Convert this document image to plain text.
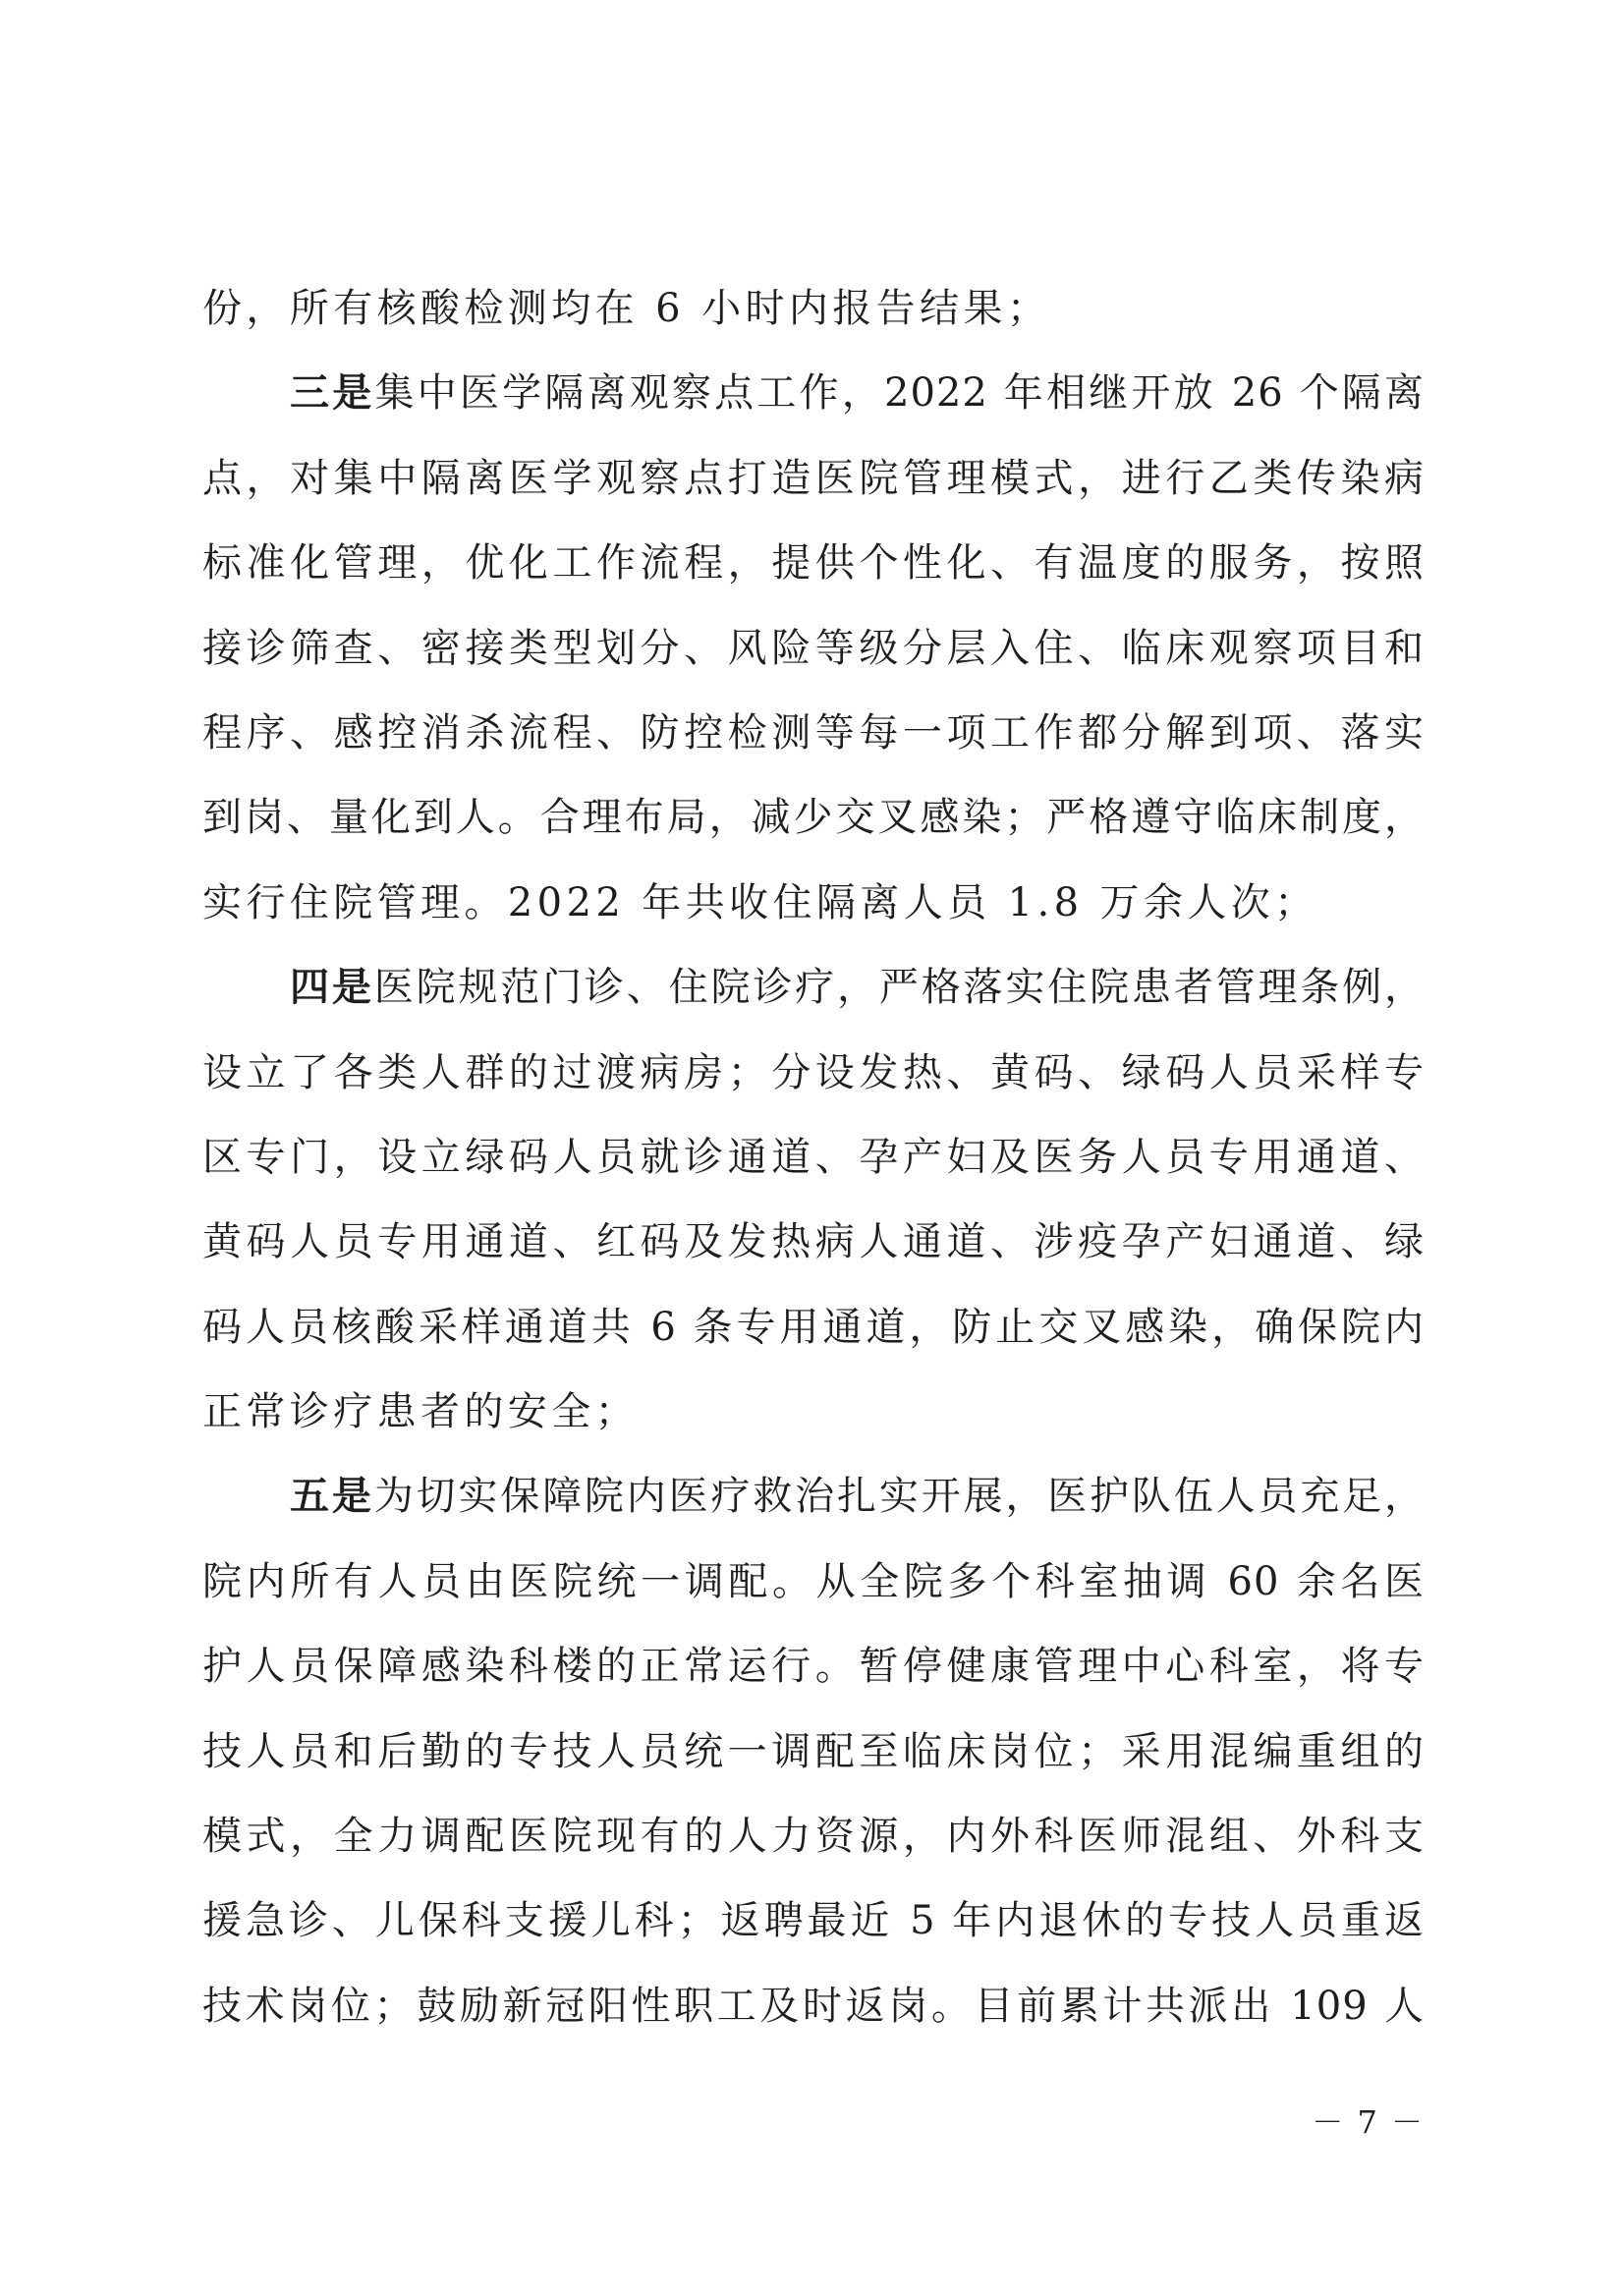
份，所有核酸检测均在 6 小时内报告结果；
三是集中医学隔离观察点工作，2022 年相继开放 26 个隔离
点，对集中隔离医学观察点打造医院管理模式，进行乙类传染病
标准化管理，优化工作流程，提供个性化、有温度的服务，按照
接诊筛查、密接类型划分、风险等级分层入住、临床观察项目和
程序、感控消杀流程、防控检测等每一项工作都分解到项、落实
到岗、量化到人。合理布局，减少交叉感染；严格遵守临床制度，
实行住院管理。2022 年共收住隔离人员 1.8 万余人次；
四是医院规范门诊、住院诊疗，严格落实住院患者管理条例，
设立了各类人群的过渡病房；分设发热、黄码、绿码人员采样专
区专门，设立绿码人员就诊通道、孕产妇及医务人员专用通道、
黄码人员专用通道、红码及发热病人通道、涉疫孕产妇通道、绿
码人员核酸采样通道共 6 条专用通道，防止交叉感染，确保院内
正常诊疗患者的安全；
五是为切实保障院内医疗救治扎实开展，医护队伍人员充足，
院内所有人员由医院统一调配。从全院多个科室抽调 60 余名医
护人员保障感染科楼的正常运行。暂停健康管理中心科室，将专
技人员和后勤的专技人员统一调配至临床岗位；采用混编重组的
模式，全力调配医院现有的人力资源，内外科医师混组、外科支
援急诊、儿保科支援儿科；返聘最近 5 年内退休的专技人员重返
技术岗位；鼓励新冠阳性职工及时返岗。目前累计共派出 109 人
－ 7 －
